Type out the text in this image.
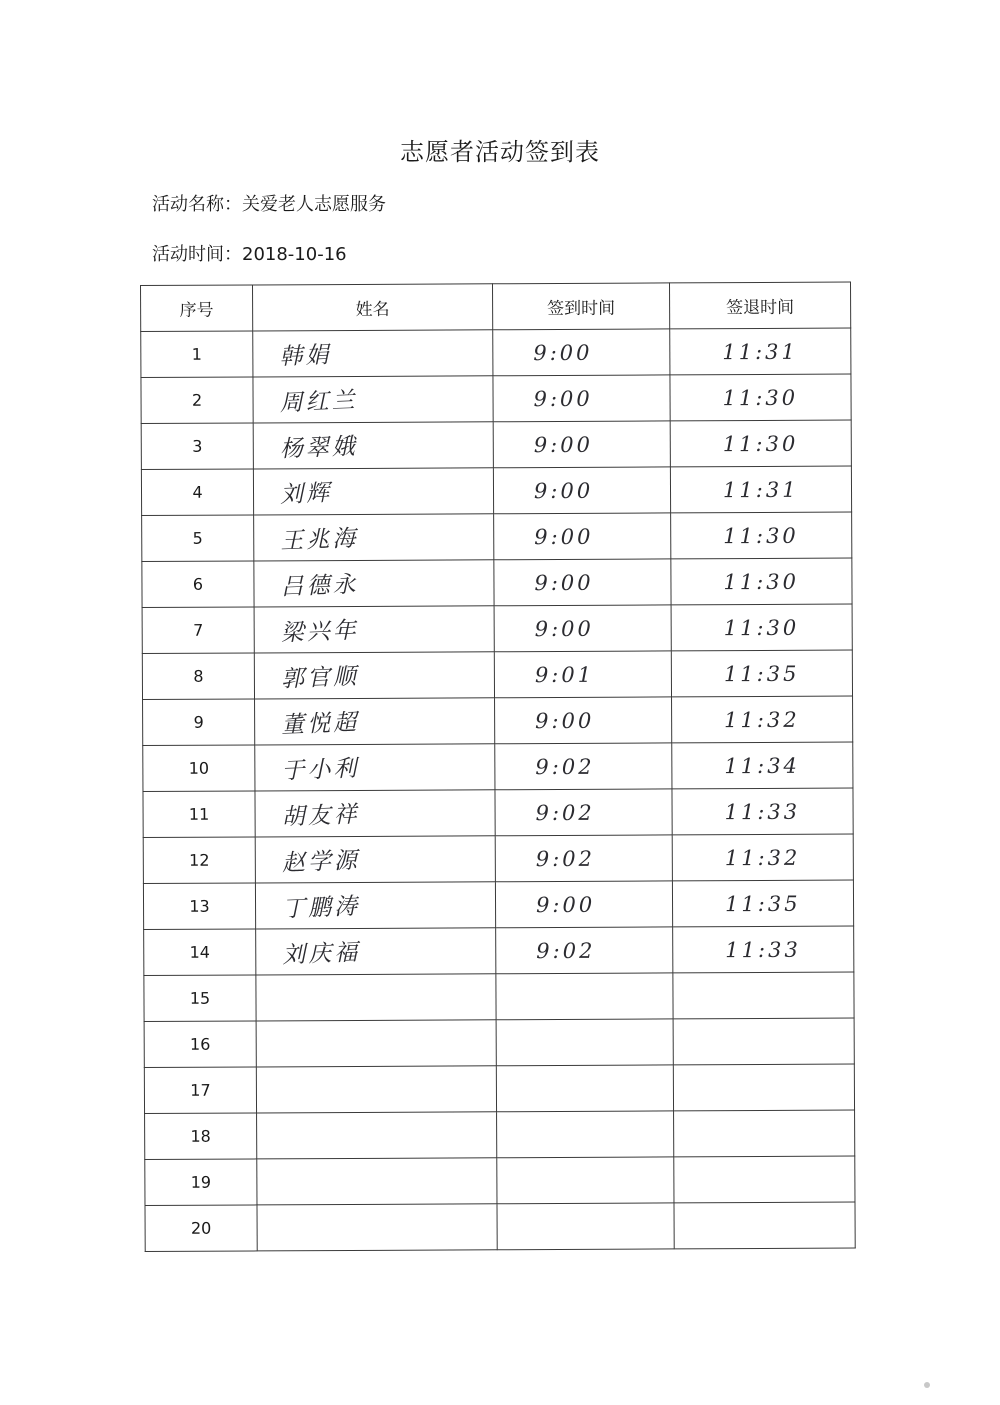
志愿者活动签到表
活动名称：关爱老人志愿服务
活动时间：2018-10-16
序号	姓名	签到时间	签退时间
1	韩娟	9:00	11:31
2	周红兰	9:00	11:30
3	杨翠娥	9:00	11:30
4	刘辉	9:00	11:31
5	王兆海	9:00	11:30
6	吕德永	9:00	11:30
7	梁兴年	9:00	11:30
8	郭官顺	9:01	11:35
9	董悦超	9:00	11:32
10	于小利	9:02	11:34
11	胡友祥	9:02	11:33
12	赵学源	9:02	11:32
13	丁鹏涛	9:00	11:35
14	刘庆福	9:02	11:33
15			
16			
17			
18			
19			
20			
